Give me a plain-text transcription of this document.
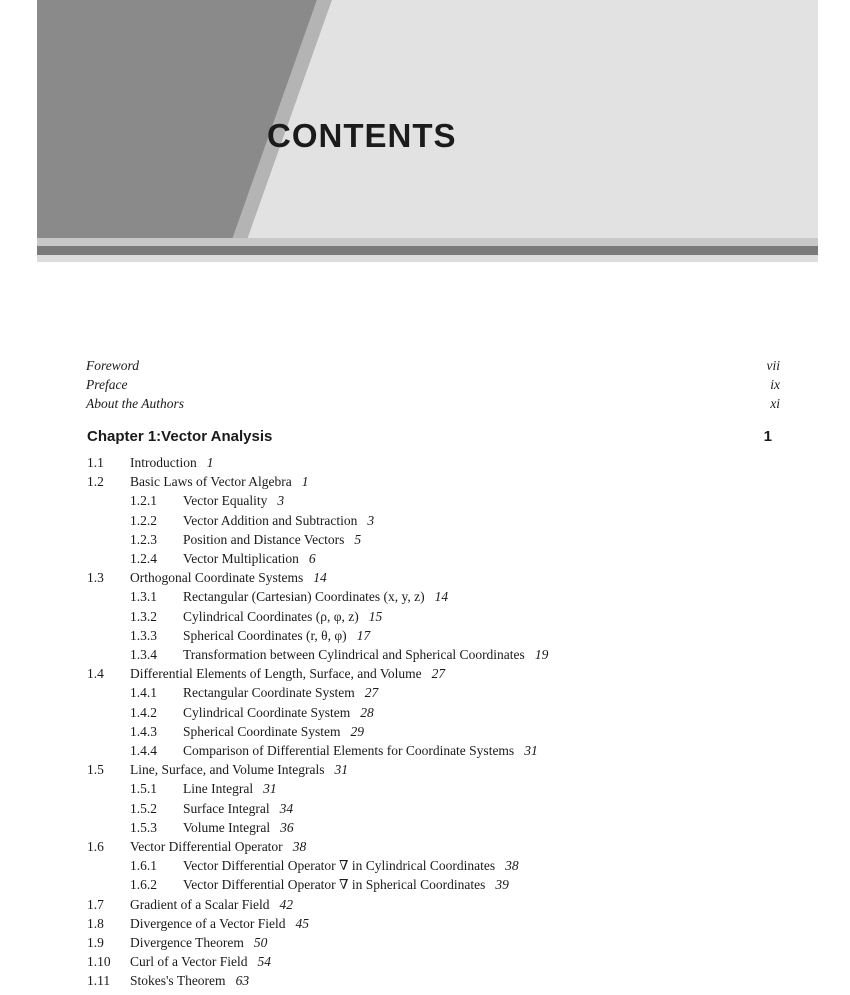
CONTENTS
Foreword	vii
Preface	ix
About the Authors	xi
Chapter 1:Vector Analysis	1
1.1 Introduction 1
1.2 Basic Laws of Vector Algebra 1
1.2.1 Vector Equality 3
1.2.2 Vector Addition and Subtraction 3
1.2.3 Position and Distance Vectors 5
1.2.4 Vector Multiplication 6
1.3 Orthogonal Coordinate Systems 14
1.3.1 Rectangular (Cartesian) Coordinates (x, y, z) 14
1.3.2 Cylindrical Coordinates (ρ, φ, z) 15
1.3.3 Spherical Coordinates (r, θ, φ) 17
1.3.4 Transformation between Cylindrical and Spherical Coordinates 19
1.4 Differential Elements of Length, Surface, and Volume 27
1.4.1 Rectangular Coordinate System 27
1.4.2 Cylindrical Coordinate System 28
1.4.3 Spherical Coordinate System 29
1.4.4 Comparison of Differential Elements for Coordinate Systems 31
1.5 Line, Surface, and Volume Integrals 31
1.5.1 Line Integral 31
1.5.2 Surface Integral 34
1.5.3 Volume Integral 36
1.6 Vector Differential Operator 38
1.6.1 Vector Differential Operator ∇ in Cylindrical Coordinates 38
1.6.2 Vector Differential Operator ∇ in Spherical Coordinates 39
1.7 Gradient of a Scalar Field 42
1.8 Divergence of a Vector Field 45
1.9 Divergence Theorem 50
1.10 Curl of a Vector Field 54
1.11 Stokes's Theorem 63
